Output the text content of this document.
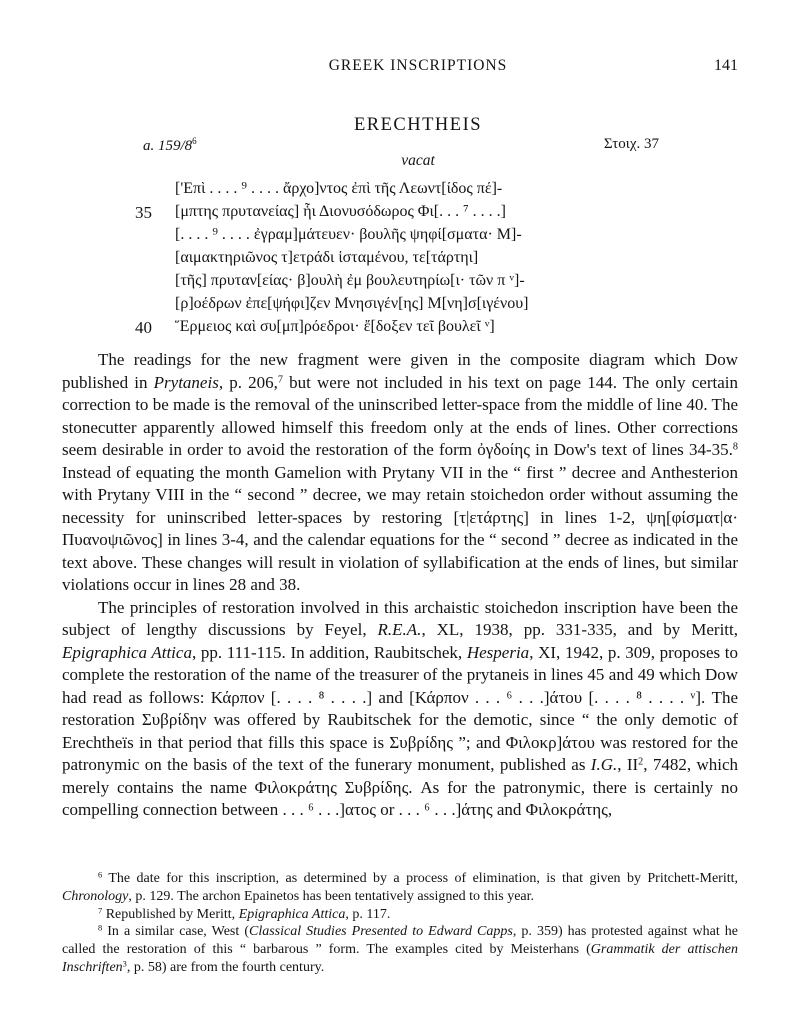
GREEK INSCRIPTIONS	141
ERECHTHEIS
a. $159/8^6$	Στοιχ. 37
vacat
['Επὶ . . . . ⁹ . . . . ἄρχο]ντος ἐπὶ τῆς Λεωντ[ίδος πέ]-
35	[μπτης πρυτανείας] ἧι Διονυσόδωρος Φι[. . . ⁷ . . . .]
[. . . . ⁹ . . . . ἐγραμ]μάτευεν· βουλῆς ψηφί[σματα· Μ]-
[αιμακτηριῶνος τ]ετράδι ἱσταμένου, τε[τάρτηι]
[τῆς] πρυταν[είας· β]ουλὴ ἐμ βουλευτηρίω[ι· τῶν π ᵛ]-
[ρ]οέδρων ἐπε[ψήφι]ζεν Μνησιγέν[ης] Μ[νη]σ[ιγένου]
40	Ἕρμειος καὶ συ[μπ]ρόεδροι· ἔ[δοξεν τεῖ βουλεῖ ᵛ]

The readings for the new fragment were given in the composite diagram which Dow published in Prytaneis, p. 206,$^7$ but were not included in his text on page 144. The only certain correction to be made is the removal of the uninscribed letter-space from the middle of line 40. The stonecutter apparently allowed himself this freedom only at the ends of lines. Other corrections seem desirable in order to avoid the restoration of the form ὀγδοίης in Dow's text of lines 34-35.$^8$ Instead of equating the month Gamelion with Prytany VII in the “ first ” decree and Anthesterion with Prytany VIII in the “ second ” decree, we may retain stoichedon order without assuming the necessity for uninscribed letter-spaces by restoring [τ|ετάρτης] in lines 1-2, ψη[φίσματ|α· Πυανοψιῶνος] in lines 3-4, and the calendar equations for the “ second ” decree as indicated in the text above. These changes will result in violation of syllabification at the ends of lines, but similar violations occur in lines 28 and 38.

The principles of restoration involved in this archaistic stoichedon inscription have been the subject of lengthy discussions by Feyel, R.E.A., XL, 1938, pp. 331-335, and by Meritt, Epigraphica Attica, pp. 111-115. In addition, Raubitschek, Hesperia, XI, 1942, p. 309, proposes to complete the restoration of the name of the treasurer of the prytaneis in lines 45 and 49 which Dow had read as follows: Κάρπον [. . . . ⁸ . . . .] and [Κάρπον . . . ⁶ . . .]άτου [. . . . ⁸ . . . . ᵛ]. The restoration Συβρίδην was offered by Raubitschek for the demotic, since “ the only demotic of Erechtheïs in that period that fills this space is Συβρίδης ”; and Φιλοκρ]άτου was restored for the patronymic on the basis of the text of the funerary monument, published as I.G., $II^2$, 7482, which merely contains the name Φιλοκράτης Συβρίδης. As for the patronymic, there is certainly no compelling connection between . . . ⁶ . . .]ατος or . . . ⁶ . . .]άτης and Φιλοκράτης,

$^6$ The date for this inscription, as determined by a process of elimination, is that given by Pritchett-Meritt, Chronology, p. 129. The archon Epainetos has been tentatively assigned to this year.

$^7$ Republished by Meritt, Epigraphica Attica, p. 117.

$^8$ In a similar case, West (Classical Studies Presented to Edward Capps, p. 359) has protested against what he called the restoration of this “ barbarous ” form. The examples cited by Meisterhans (Grammatik der attischen Inschriften$^3$, p. 58) are from the fourth century.
